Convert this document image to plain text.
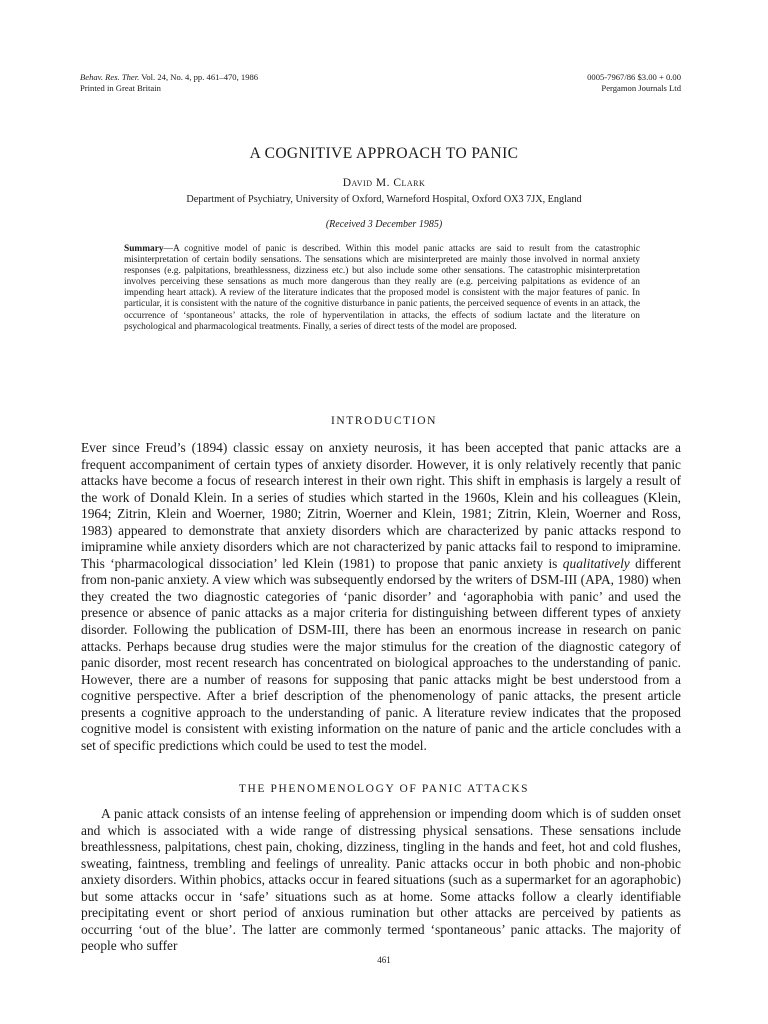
Behav. Res. Ther. Vol. 24, No. 4, pp. 461–470, 1986
Printed in Great Britain
0005-7967/86 $3.00 + 0.00
Pergamon Journals Ltd
A COGNITIVE APPROACH TO PANIC
David M. Clark
Department of Psychiatry, University of Oxford, Warneford Hospital, Oxford OX3 7JX, England
(Received 3 December 1985)
Summary—A cognitive model of panic is described. Within this model panic attacks are said to result from the catastrophic misinterpretation of certain bodily sensations. The sensations which are misinterpreted are mainly those involved in normal anxiety responses (e.g. palpitations, breathlessness, dizziness etc.) but also include some other sensations. The catastrophic misinterpretation involves perceiving these sensations as much more dangerous than they really are (e.g. perceiving palpitations as evidence of an impending heart attack). A review of the literature indicates that the proposed model is consistent with the major features of panic. In particular, it is consistent with the nature of the cognitive disturbance in panic patients, the perceived sequence of events in an attack, the occurrence of ‘spontaneous’ attacks, the role of hyperventilation in attacks, the effects of sodium lactate and the literature on psychological and pharmacological treatments. Finally, a series of direct tests of the model are proposed.
INTRODUCTION
Ever since Freud’s (1894) classic essay on anxiety neurosis, it has been accepted that panic attacks are a frequent accompaniment of certain types of anxiety disorder. However, it is only relatively recently that panic attacks have become a focus of research interest in their own right. This shift in emphasis is largely a result of the work of Donald Klein. In a series of studies which started in the 1960s, Klein and his colleagues (Klein, 1964; Zitrin, Klein and Woerner, 1980; Zitrin, Woerner and Klein, 1981; Zitrin, Klein, Woerner and Ross, 1983) appeared to demonstrate that anxiety disorders which are characterized by panic attacks respond to imipramine while anxiety disorders which are not characterized by panic attacks fail to respond to imipramine. This ‘pharmacological dissociation’ led Klein (1981) to propose that panic anxiety is qualitatively different from non-panic anxiety. A view which was subsequently endorsed by the writers of DSM-III (APA, 1980) when they created the two diagnostic categories of ‘panic disorder’ and ‘agoraphobia with panic’ and used the presence or absence of panic attacks as a major criteria for distinguishing between different types of anxiety disorder. Following the publication of DSM-III, there has been an enormous increase in research on panic attacks. Perhaps because drug studies were the major stimulus for the creation of the diagnostic category of panic disorder, most recent research has concentrated on biological approaches to the understanding of panic. However, there are a number of reasons for supposing that panic attacks might be best understood from a cognitive perspective. After a brief description of the phenomenology of panic attacks, the present article presents a cognitive approach to the understanding of panic. A literature review indicates that the proposed cognitive model is consistent with existing information on the nature of panic and the article concludes with a set of specific predictions which could be used to test the model.
THE PHENOMENOLOGY OF PANIC ATTACKS
A panic attack consists of an intense feeling of apprehension or impending doom which is of sudden onset and which is associated with a wide range of distressing physical sensations. These sensations include breathlessness, palpitations, chest pain, choking, dizziness, tingling in the hands and feet, hot and cold flushes, sweating, faintness, trembling and feelings of unreality. Panic attacks occur in both phobic and non-phobic anxiety disorders. Within phobics, attacks occur in feared situations (such as a supermarket for an agoraphobic) but some attacks occur in ‘safe’ situations such as at home. Some attacks follow a clearly identifiable precipitating event or short period of anxious rumination but other attacks are perceived by patients as occurring ‘out of the blue’. The latter are commonly termed ‘spontaneous’ panic attacks. The majority of people who suffer
461
